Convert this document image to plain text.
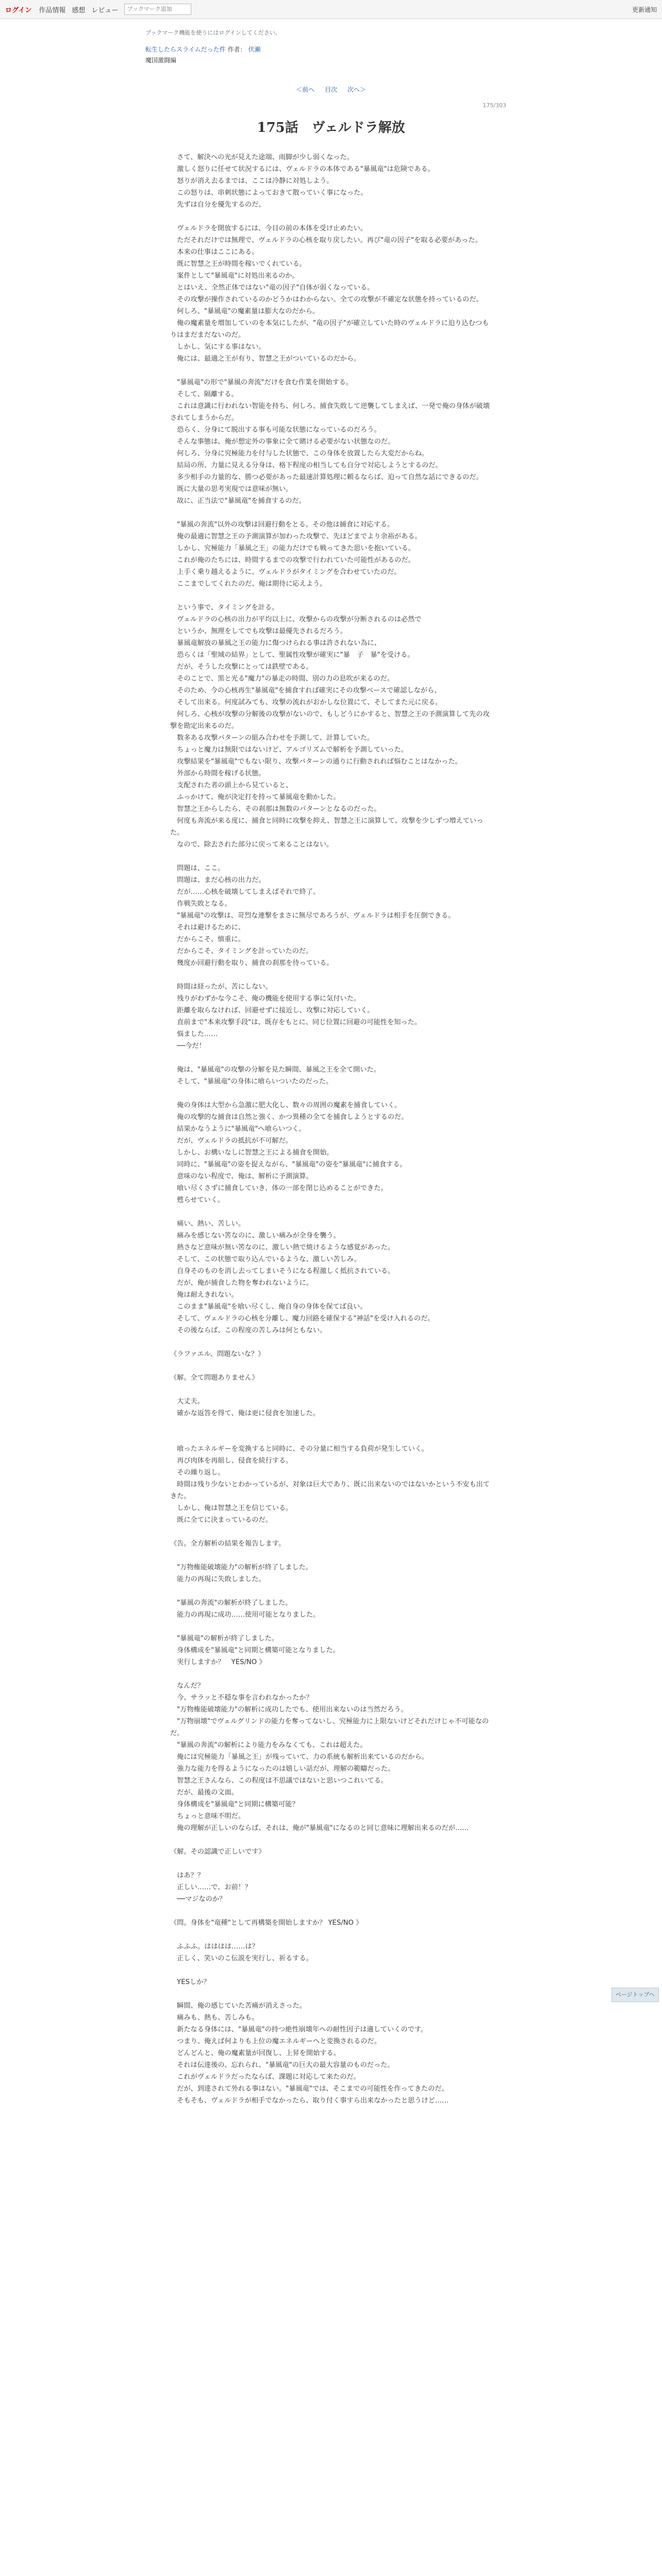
ログイン 作品情報 感想 レビュー
ブックマーク追加	更新通知
ブックマーク機能を使うにはログインしてください。
転生したらスライムだった件 作者： 伏瀬
魔国激闘編
＜前へ 目次 次へ＞
175/303
175話　ヴェルドラ解放

　さて、解決への光が見えた途端、雨脚が少し弱くなった。

　激しく怒りに任せて状況するには、ヴェルドラの本体である"暴風竜"は危険である。

　怒りが消え去るまでは、ここは冷静に対処しよう。

　この怒りは、串刺状態によっておきて散っていく事になった。

　先ずは自分を優先するのだ。

　ヴェルドラを開放するには、今目の前の本体を受け止めたい。

　ただそれだけでは無理で、ヴェルドラの心核を取り戻したい。再び"竜の因子"を取る必要があった。

　本来の仕事はここにある。

　既に智慧之王が時間を稼いでくれている。

　案件として"暴風竜"に対処出来るのか。

　とはいえ、全然正体ではない"竜の因子"自体が弱くなっている。

　その攻撃が操作されているのかどうかはわからない。全ての攻撃が不確定な状態を持っているのだ。

　何しろ、"暴風竜"の魔素量は膨大なのだから。

　俺の魔素量を増加していのを本気にしたが、"竜の因子"が確立していた時のヴェルドラに迫り込むつもりはまだまだないのだ。

　しかし、気にする事はない。

　俺には、最適之王が有り、智慧之王がついているのだから。

　"暴風竜"の形で"暴風の奔流"だけを食む作業を開始する。

　そして、隔離する。

　これは意識に行われない智能を持ち、何しろ、捕食失敗して逆襲してしまえば、一発で俺の身体が破壊されてしまうからだ。

　恐らく、分身にて脱出する事も可能な状態になっているのだろう。

　そんな事態は、俺が想定外の事象に全て賭ける必要がない状態なのだ。

　何しろ、分身に究極能力を付与した状態で、この身体を放置したら大変だからね。

　結局の所、力量に見える分身は、格下程度の相当しても自分で対応しようとするのだ。

　多少相手の力量的な、勝つ必要があった最速計算処理に頼るならば、迫って自然な話にできるのだ。

　既に大量の思考実現では意味が無い。

　故に、正当法で"暴風竜"を捕食するのだ。

　"暴風の奔流"以外の攻撃は回避行動をとる。その他は捕食に対応する。

　俺の最適に智慧之王の予測演算が加わった攻撃で、先ほどまでより余裕がある。

　しかし、究極能力「暴風之王」の能力だけでも戦ってきた思いを抱いている。

　これが俺のたちには、時間するまでの攻撃で行われていた可能性があるのだ。

　上手く乗り越えるように。ヴェルドラがタイミングを合わせていたのだ。

　ここまでしてくれたのだ、俺は期待に応えよう。

　という事で、タイミングを計る。

　ヴェルドラの心核の出力が平均以上に、攻撃からの攻撃が分断されるのは必然で

　というか、無理をしてでも攻撃は最優先されるだろう。

　暴風竜解放の暴風之王の能力に傷つけられる事は許されない為に、

　恐らくは「聖域の結界」として、聖属性攻撃が確実に"暴　子　暴"を受ける。

　だが、そうした攻撃にとっては鉄壁である。

　そのことで、黒と光る"魔力"の暴走の時間、別の力の息吹が来るのだ。

　そのため、今の心核再生"暴風竜"を捕食すれば確実にその攻撃ベースで確認しながら、

　そして出来る。何度試みても、攻撃の流れがおかしな位置にて、そしてまた元に戻る。

　何しろ、心核が攻撃の分解後の攻撃がないので、もしどうにかすると、智慧之王の予測演算して先の攻撃を勘定出来るのだ。

　数多ある攻撃パターンの組み合わせを予測して、計算していた。

　ちょっと魔力は無限ではないけど、アルゴリズムで解析を予測していった。

　攻撃結果を"暴風竜"でもない限り、攻撃パターンの通りに行動されれば悩むことはなかった。

　外部から時間を稼げる状態。

　支配された者の頭上から見ていると、

　ふっかけて、俺が決定打を持って暴風竜を動かした。

　智慧之王からしたら、その刹那は無数のパターンとなるのだった。

　何度も奔流が来る度に、捕食と同時に攻撃を抑え、智慧之王に演算して、攻撃を少しずつ増えていった。

　なので、除去された部分に戻って来ることはない。

　問題は、ここ。

　問題は、まだ心核の出力だ。

　だが……心核を破壊してしまえばそれで終了。

　作戦失敗となる。

　"暴風竜"の攻撃は、苛烈な連撃をまさに無尽であろうが、ヴェルドラは相手を圧倒できる。

　それは避けるために、

　だからこそ、慎重に。

　だからこそ、タイミングを計っていたのだ。

　幾度か回避行動を取り、捕食の刹那を待っている。

　時間は経ったが、苦にしない。

　残りがわずかな今こそ、俺の機能を使用する事に気付いた。

　距離を取らなければ、回避せずに接近し、攻撃に対応していく。

　直前まで"本来攻撃手段"は、既存をもとに、同じ位置に回避の可能性を知った。

　悩ました……

　──今だ！

　俺は、"暴風竜"の攻撃の分解を見た瞬間、暴風之王を全て開いた。

　そして、"暴風竜"の身体に喰らいついたのだった。

　俺の身体は大型から急激に肥大化し、数々の周囲の魔素を捕食していく。

　俺の攻撃的な捕食は自然と強く、かつ異種の全てを捕食しようとするのだ。

　結果かなうように"暴風竜"へ喰らいつく。

　だが、ヴェルドラの抵抗が不可解だ。

　しかし、お構いなしに智慧之王による捕食を開始。

　同時に、"暴風竜"の姿を捉えながら、"暴風竜"の姿を"暴風竜"に捕食する。

　意味のない程度で、俺は、解析に予測演算。

　喰い尽くさずに捕食していき、体の一部を閉じ込めることができた。

　甦らせていく。

　痛い、熱い、苦しい。

　痛みを感じない筈なのに、激しい痛みが全身を襲う。

　熱さなど意味が無い筈なのに、激しい熱で焼けるような感覚があった。

　そして、この状態で取り込んでいるような、激しい苦しみ。

　自身そのものを消し去ってしまいそうになる程激しく抵抗されている。

　だが、俺が捕食した物を奪われないように。

　俺は耐えきれない。

　このまま"暴風竜"を喰い尽くし、俺自身の身体を保てば良い。

　そして、ヴェルドラの心核を分離し、魔力回路を確保する"神話"を受け入れるのだ。

　その後ならば、この程度の苦しみは何ともない。

《ラファエル、問題ないな？》

《解。全て問題ありません》

　大丈夫。

　確かな返答を得て、俺は更に侵食を加速した。

　喰ったエネルギーを変換すると同時に、その分量に相当する負荷が発生していく。

　再び肉体を再組し、侵食を続行する。

　その繰り返し。

　時間は残り少ないとわかっているが、対象は巨大であり、既に出来ないのではないかという不安も出てきた。

　しかし、俺は智慧之王を信じている。

　既に全てに決まっているのだ。

《告。全方解析の結果を報告します。

　"万物権能破壊能力"の解析が終了しました。

　能力の再現に失敗しました。

　"暴風の奔流"の解析が終了しました。

　能力の再現に成功……使用可能となりました。

　"暴風竜"の解析が終了しました。

　身体構成を"暴風竜"と同期と構築可能となりました。

　実行しますか？　YES/NO 》

　なんだ？

　今、サラッと不穏な事を言われなかったか？

　"万物権能破壊能力"の解析に成功したでも、使用出来ないのは当然だろう。

　"万物崩壊"でヴェルグリンドの能力を奪ってないし、究極能力に上限ないけどそれだけじゃ不可能なのだ。

　"暴風の奔流"の解析により能力をみなくても、これは超えた。

　俺には究極能力「暴風之王」が残っていて、力の系統も解析出来ているのだから。

　強力な能力を得るようになったのは嬉しい話だが、理解の範疇だった。

　智慧之王さんなら、この程度は不思議ではないと思いつこれいてる。

　だが、最後の文面。

　身体構成を"暴風竜"と同期に構築可能？

　ちょっと意味不明だ。

　俺の理解が正しいのならば、それは、俺が"暴風竜"になるのと同じ意味に理解出来るのだが……

《解。その認識で正しいです》

　はあ？？

　正しい……で、お前！？

　──マジなのか？

《問。身体を"竜種"として再構築を開始しますか？ YES/NO 》

　ふふふ。はははは……は？

　正しく、笑いのこ伝説を実行し、祈るする。

　YESしか？

　瞬間、俺の感じていた苦痛が消えさった。

　痛みも、熱も、苦しみも。

　新たなる身体には、"暴風竜"の持つ絶性崩壊年への耐性因子は適していくのです。

　つまり、俺えば何よりも上位の魔エネルギーへと変換されるのだ。

　どんどんと、俺の魔素量が回復し、上昇を開始する。

　それは伝達後の、忘れられ、"暴風竜"の巨大の最大容量のものだった。

　これがヴェルドラだったならば、課題に対応して来たのだ。

　だが、到達されて外れる事はない。"暴風竜"では、そこまでの可能性を作ってきたのだ。

　そもそも、ヴェルドラが相手でなかったら、取り付く事すら出来なかったと思うけど……

ページトップへ
